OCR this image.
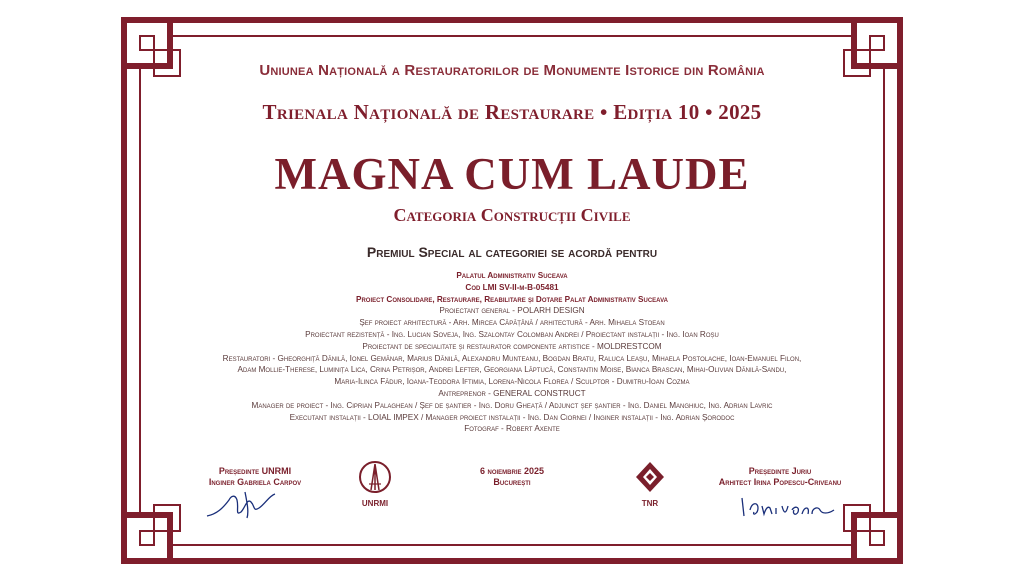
Uniunea Națională a Restauratorilor de Monumente Istorice din România
Trienala Națională de Restaurare • Ediția 10 • 2025
MAGNA CUM LAUDE
Categoria Construcții Civile
Premiul Special al categoriei se acordă pentru
Palatul Administrativ Suceava
Cod LMI SV-II-m-B-05481
Proiect Consolidare, Restaurare, Reabilitare și Dotare Palat Administrativ Suceava
Proiectant general - POLARH DESIGN
Șef proiect arhitectură - Arh. Mircea Căpățână / arhitectură - Arh. Mihaela Stoean
Proiectant rezistență - Ing. Lucian Soveja, Ing. Szalontay Colomban Andrei / Proiectant instalații - Ing. Ioan Roșu
Proiectant de specialitate și restaurator componente artistice - MOLDRESTCOM
Restauratori - Gheorghiță Dănilă, Ionel Gemănar, Marius Dănilă, Alexandru Munteanu, Bogdan Bratu, Raluca Leașu, Mihaela Postolache, Ioan-Emanuel Filon,
Adam Mollie-Therese, Luminița Lica, Crina Petrișor, Andrei Lefter, Georgiana Lăptucă, Constantin Moise, Bianca Brascan, Mihai-Olivian Dănilă-Sandu,
Maria-Ilinca Fădur, Ioana-Teodora Iftimia, Lorena-Nicola Florea / Sculptor - Dumitru-Ioan Cozma
Antreprenor - GENERAL CONSTRUCT
Manager de proiect - Ing. Ciprian Palaghean / Șef de șantier - Ing. Doru Gheață / Adjunct șef șantier - Ing. Daniel Manghiuc, Ing. Adrian Lavric
Executant instalații - LOIAL IMPEX / Manager proiect instalații - Ing. Dan Ciornei / Inginer instalații - Ing. Adrian Șorodoc
Fotograf - Robert Axente
Președinte UNRMI
Inginer Gabriela Carpov
UNRMI
6 noiembrie 2025
București
TNR
Președinte Juriu
Arhitect Irina Popescu-Criveanu
